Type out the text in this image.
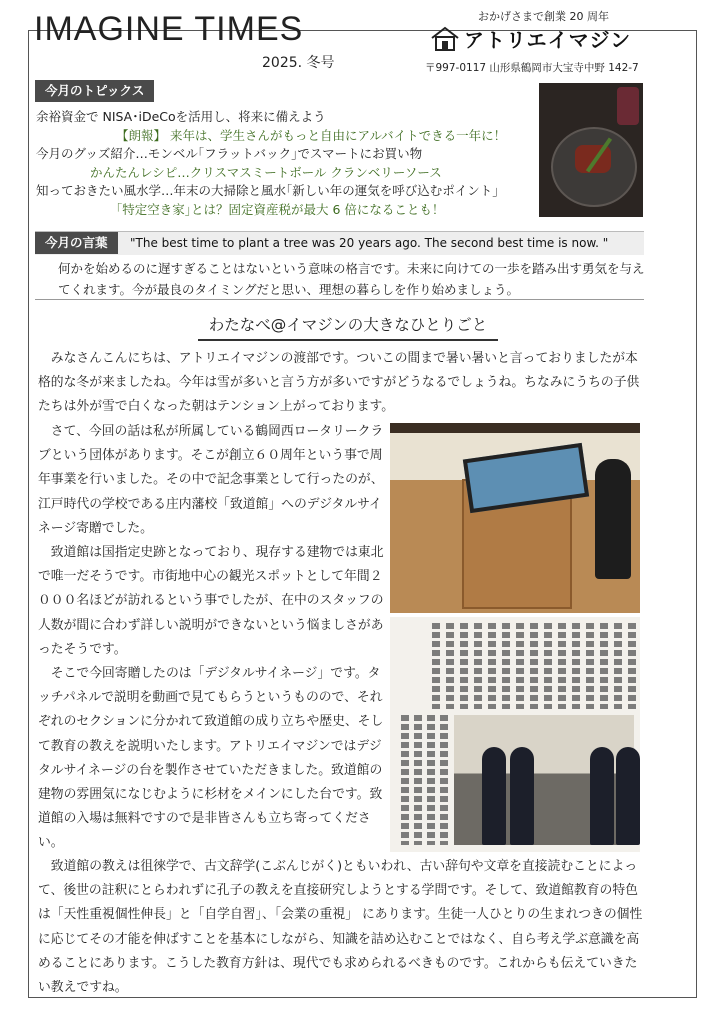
IMAGINE TIMES
2025. 冬号
おかげさまで創業 20 周年
アトリエイマジン
〒997-0117 山形県鶴岡市大宝寺中野 142-7
今月のトピックス
余裕資金で NISA･iDeCoを活用し、将来に備えよう
【朗報】 来年は、学生さんがもっと自由にアルバイトできる一年に！
今月のグッズ紹介…モンベル｢フラットバック｣でスマートにお買い物
かんたんレシピ…クリスマスミートボール クランベリーソース
知っておきたい風水学…年末の大掃除と風水｢新しい年の運気を呼び込むポイント｣
｢特定空き家｣とは？固定資産税が最大 6 倍になることも！
今月の言葉	"The best time to plant a tree was 20 years ago. The second best time is now. "
何かを始めるのに遅すぎることはないという意味の格言です。未来に向けての一歩を踏み出す勇気を与えてくれます。今が最良のタイミングだと思い、理想の暮らしを作り始めましょう。
わたなべ@イマジンの大きなひとりごと
　みなさんこんにちは、アトリエイマジンの渡部です。ついこの間まで暑い暑いと言っておりましたが本格的な冬が来ましたね。今年は雪が多いと言う方が多いですがどうなるでしょうね。ちなみにうちの子供たちは外が雪で白くなった朝はテンション上がっております。
　さて、今回の話は私が所属している鶴岡西ロータリークラブという団体があります。そこが創立６０周年という事で周年事業を行いました。その中で記念事業として行ったのが、江戸時代の学校である庄内藩校「致道館」へのデジタルサイネージ寄贈でした。
　致道館は国指定史跡となっており、現存する建物では東北で唯一だそうです。市街地中心の観光スポットとして年間２０００名ほどが訪れるという事でしたが、在中のスタッフの人数が間に合わず詳しい説明ができないという悩ましさがあったそうです。
　そこで今回寄贈したのは「デジタルサイネージ」です。タッチパネルで説明を動画で見てもらうというものので、それぞれのセクションに分かれて致道館の成り立ちや歴史、そして教育の教えを説明いたします。アトリエイマジンではデジタルサイネージの台を製作させていただきました。致道館の建物の雰囲気になじむように杉材をメインにした台です。致道館の入場は無料ですので是非皆さんも立ち寄ってください。
　致道館の教えは徂徠学で、古文辞学(こぶんじがく)ともいわれ、古い辞句や文章を直接読むことによって、後世の註釈にとらわれずに孔子の教えを直接研究しようとする学問です。そして、致道館教育の特色は「天性重視個性伸長」と「自学自習｣、「会業の重視」 にあります。生徒一人ひとりの生まれつきの個性に応じてその才能を伸ばすことを基本にしながら、知識を詰め込むことではなく、自ら考え学ぶ意識を高めることにあります。こうした教育方針は、現代でも求められるべきものです。これからも伝えていきたい教えですね。
